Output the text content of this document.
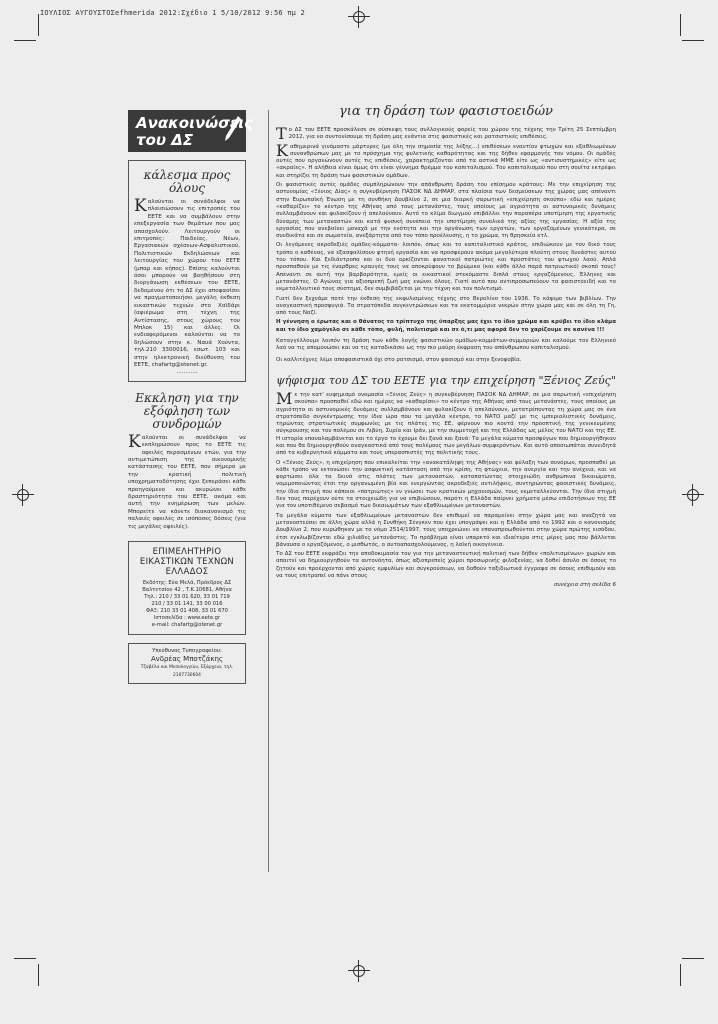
ΙΟΥΛΙΟΣ ΑΥΓΟΥΣΤΟΣefhmerida 2012:Σχέδιο 1 5/10/2012 9:56 πμ 2
Ανακοινώσεις του ΔΣ
κάλεσμα προς όλους

Καλούνται οι συνάδελφοι να πλαισιώσουν τις επιτροπές του ΕΕΤΕ και να συμβάλουν στην επεξεργασία των θεμάτων που μας απασχολούν. Λειτουργούν οι επιτροπές: Παιδείας, Νέων, Εργασιακών σχέσεων-Ασφαλιστικού, Πολιτιστικών Εκδηλώσεων και λειτουργίας του χώρου του ΕΕΤΕ (μπαρ και κήπος). Επίσης καλούνται όσοι μπορούν να βοηθήσουν στη διοργάνωση εκθέσεων του ΕΕΤΕ, δεδομένου ότι το ΔΣ έχει αποφασίσει να πραγματοποιήσει μεγάλη έκθεση εικαστικών τεχνών στο Χαϊδάρι (αφιέρωμα στη τέχνη της Αντίστασης, στους χώρους του Μπλοκ 15) και άλλες. Οι ενδιαφερόμενοι καλούνται να το δηλώσουν στην κ. Ναυά Χούντα, τηλ.210 3300016, εσωτ. 103 και στην ηλεκτρονική διεύθυνση του ΕΕΤΕ, chafartg@otenet.gr.

............

Εκκληση για την εξόφληση των συνδρομών

Καλούνται οι συνάδελφοι να εκπληρώσουν προς το ΕΕΤΕ τις οφειλές περασμένων ετών, για την αντιμετώπιση της οικονομικής κατάστασης του ΕΕΤΕ, που σήμερα με την κρατική πολιτική υποχρηματοδότησης έχει ξεπεράσει κάθε προηγούμενο και ακυρώνει κάθε δραστηριότητα του ΕΕΤΕ, ακόμα και αυτή την ενημέρωση των μελών. Μπορείτε να κάνετε διακανονισμό τις παλαιές οφειλές σε ισόποσες δόσεις (για τις μεγάλες οφειλές).

ΕΠΙΜΕΛΗΤΗΡΙΟ ΕΙΚΑΣΤΙΚΩΝ ΤΕΧΝΩΝ ΕΛΛΑΔΟΣ
Εκδότης: Εύα Μελά, Πρόεδρος ΔΣ
Βαλτετσίου 42 , Τ.Κ.10681, Αθήνα
Τηλ.: 210 / 33 01 620, 33 01 719
210 / 33 01 141, 33 00 016
ΦΑΞ: 210 33 01 408, 33 01 670
Ιστοσελίδα : www.eete.gr
e-mail: chafartg@otenet.gr
Υπεύθυνος Τυπογραφείου:
Ανδρέας Μποτζάκης
Τζαβέλα και Μεσολογγίου, Εξάρχεια, τηλ. 2107730604
για τη δράση των φασιστοειδών

Το ΔΣ του ΕΕΤΕ προσκάλεσε σε σύσκεψη τους συλλογικούς φορείς του χώρου της τέχνης την Τρίτη 25 Σεπτέμβρη 2012, για να συντονίσουμε τη δράση μας ενάντια στις φασιστικές και ρατσιστικές επιθέσεις.

Καθημερινά γινόμαστε μάρτυρες (με όλη την σημασία της λέξης...) επιθέσεων εναντίον φτωχών και εξαθλιωμένων συνανθρώπων μας με το πρόσχημα της φυλετικής καθαρότητας και της δήθεν εφαρμογής του νόμου. Οι ομάδες αυτές που οργανώνουν αυτές τις επιθέσεις, χαρακτηρίζονται από τα αστικά ΜΜΕ είτε ως «αντισυστημικές» είτε ως «ακραίες». Η αλήθεια είναι όμως ότι είναι γέννημα θρέμμα του καπιταλισμού. Του καπιταλισμού που στη σουίτα εκτρέφει και στηρίζει τη δράση των φασιστικών ομάδων.

Οι φασιστικές αυτές ομάδες συμπληρώνουν την απάνθρωπη δράση του επίσημου κράτους: Με την επιχείρηση της αστυνομίας «Ξένιος Δίας» η συγκυβέρνηση ΠΑΣΟΚ ΝΔ ΔΗΜΑΡ, στα πλαίσια των δεσμεύσεων της χώρας μας απέναντι στην Ευρωπαϊκή Ένωση με τη συνθήκη Δουβλίνο 2, σε μια διαρκή σαρωτική «επιχείρηση σκούπα» εδώ και ημέρες «καθαρίζει» το κέντρο της Αθήνας από τους μετανάστες, τους οποίους με αγριότητα οι αστυνομικές δυνάμεις συλλαμβάνουν και φυλακίζουν ή απελαύνουν. Αυτό το κλίμα διωγμού επιβάλλει την παραπέρα υποτίμηση της εργατικής δύναμης των μεταναστών και κατά φυσική συνέπεια την υποτίμηση συνολικά της αξίας της εργασίας. Η αξία της εργασίας που ανεβαίνει μοναχά με την ενότητα και την οργάνωση των εργατών, των εργαζομένων γενικότερα, σε συνδικάτα και σε σωματεία, ανεξάρτητα από τον τόπο προέλευσης, η το χρώμα, τη θρησκεία κτλ.

Οι λεγόμενες ακροδεξιές ομάδες-κόμματα- λοιπόν, όπως και το καπιταλιστικό κράτος, επιδιώκουν με τον δικό τους τρόπο ο καθένας, να εξασφαλίσουν φτηνή εργασία και να προσφέρουν ακόμα μεγαλύτερα πλούτη στους δυνάστες αυτού του τόπου. Και ξεδιάντροπα και οι δυο ορκίζονται φανατικοί πατριώτες και προστάτες του φτωχού λαού. Απλά προσπαθούν με τις έναρθρες κραυγές τους να αποκρύψουν το βρώμικο (και κάθε άλλο παρά πατριωτικό) σκοπό τους! Απέναντι σε αυτή την βαρβαρότητα, εμείς οι εικαστικοί στεκόμαστε διπλά στους εργαζόμενους, Έλληνες και μετανάστες. Ο Αγώνας για αξιοπρεπή ζωή μας ενώνει όλους. Γιατί αυτό που αντιπροσωπεύουν τα φασιστοειδή και το εκμεταλλευτικό τους σύστημα, δεν συμβιβάζεται με την τέχνη και τον πολιτισμό.

Γιατί δεν ξεχνάμε ποτέ την έκθεση της εκφυλισμένης τέχνης στο Βερολίνο του 1936. Το κάψιμο των βιβλίων. Την αναγκαστική προσφυγιά. Τα στρατόπεδα συγκεντρώσεων και τα εκατομμύρια νεκρών στην χώρα μας και σε όλη τη Γη, από τους Ναζί.

Η γέννηση ο έρωτας και ο θάνατος το τρίπτυχο της ύπαρξης μας έχει το ίδιο χρώμα και κρύβει το ίδιο κλάμα και το ίδιο χαμόγελο σε κάθε τόπο, φυλή, πολιτισμό και σε ό,τι μας αφορά δεν το χαρίζουμε σε κανένα !!!

Καταγγέλλουμε λοιπόν τη δράση των κάθε λογής φασιστικών ομάδων-κομμάτων-συμμοριών και καλούμε τον Ελληνικό λαό να τις απομονώσει και να τις καταδικάσει ως την πιο μαύρη έκφραση του απάνθρωπου καπιταλισμού.

Οι καλλιτέχνες λέμε αποφασιστικά όχι στο ρατσισμό, στον φασισμό και στην ξενοφοβία.

ψήφισμα του ΔΣ του ΕΕΤΕ για την επιχείρηση "Ξένιος Ζεύς"

Με την κατ' ευφημισμό ονομασία «Ξένιος Ζεύς» η συγκυβέρνηση ΠΑΣΟΚ ΝΔ ΔΗΜΑΡ, σε μια σαρωτική «επιχείρηση σκούπα» προσπαθεί εδώ και ημέρες να «καθαρίσει» το κέντρο της Αθήνας από τους μετανάστες, τους οποίους με αγριότητα οι αστυνομικές δυνάμεις συλλαμβάνουν και φυλακίζουν ή απελαύνουν, μετατρέποντας τη χώρα μας σε ένα στρατόπεδο συγκέντρωσης την ίδια ώρα που τα μεγάλα κέντρα, το ΝΑΤΟ μαζί με τις ιμπεριαλιστικές δυνάμεις, τηρώντας στρατιωτικές συμφωνίες με τις πλάτες τις ΕΕ, φέρνουν πιο κοντά την προοπτική της γενικευμένης σύγκρουσης και του πολέμου σε Λιβύη, Συρία και Ιράν, με την συμμετοχή και της Ελλάδας ως μέλος του ΝΑΤΟ και της ΕΕ. Η ιστορία επαναλαμβάνεται και το έργο το έχουμε δει ξανά και ξανά: Τα μεγάλα κύματα προσφύγων που δημιουργήθηκαν και που θα δημιουργηθούν αναγκαστικά από τους πολέμους των μεγάλων συμφερόντων. Και αυτό αποσιωπάται συνειδητά από τα κυβερνητικά κόμματα και τους υπερασπιστές της πολιτικής τους.

Ο «Ξένιος Ζεύς», η επιχείρηση που επικαλείται την «ανακατάληψη της Αθήνας» και φύλαξη των συνόρων, προσπαθεί με κάθε τρόπο να εκτονώσει την ασφυκτική κατάσταση από την κρίση, τη φτώχεια, την ανεργία και την ανέχεια, και να φορτώσει όλα τα δεινά στις πλάτες των μεταναστών, καταπατώντας στοιχειώδη ανθρώπινα δικαιώματα, νομιμοποιώντας έτσι την οργανωμένη βία και ενεργώντας ακροδεξιές αντιλήψεις, συντηρώντας φασιστικές δυνάμεις, την ίδια στιγμή που κάποιοι «πατριώτες» εν γνώσει των κρατικών μηχανισμών, τους εκμεταλλεύονται. Την ίδια στιγμή δεν τους παρέχουν ούτε τα στοιχειώδη για να επιβιώσουν, παρότι η Ελλάδα παίρνει χρήματα μέσω επιδοτήσεων της ΕΕ για τον υποτιθέμενο σεβασμό των δικαιωμάτων των εξαθλιωμένων μεταναστών.

Τα μεγάλα κύματα των εξαθλιωμένων μεταναστών δεν επιθυμεί να παραμείνει στην χώρα μας και αναζητά να μετανοστεύσει σε άλλη χώρα αλλά η Συνθήκη Σένγκεν που έχει υπογράψει και η Ελλάδα από το 1992 και ο κανονισμός Δουβλίνο 2, που κυρώθηκαν με το νόμο 2514/1997, τους υποχρεώνει να επαναπροωθούνται στην χώρα πρώτης εισόδου, έτσι εγκλωβίζονται εδώ χιλιάδες μετανάστες. Το πρόβλημα είναι υπαρκτό και ιδιαίτερα στις μέρες μας που βάλλεται βάναυσα ο εργαζόμενος, ο μισθωτός, ο αυτοαπασχολούμενος, η λαϊκή οικογένεια.

Το ΔΣ του ΕΕΤΕ εκφράζει την αποδοκιμασία του για την μεταναστευτική πολιτική των δήθεν «πολιτισμένων» χωρών και απαιτεί να δημιουργηθούν τα αυτονόητα, όπως αξιοπρεπείς χώροι προσωρινής φιλοξενίας, να δοθεί άσυλο σε όσους το ζητούν και προέρχονται από χώρες εμφυλίων και συγκρούσεων, να δοθούν ταξιδιωτικά έγγραφα σε όσους επιθυμούν και να τους επιτραπεί να πάνε στους

συνέχεια στη σελίδα 6
